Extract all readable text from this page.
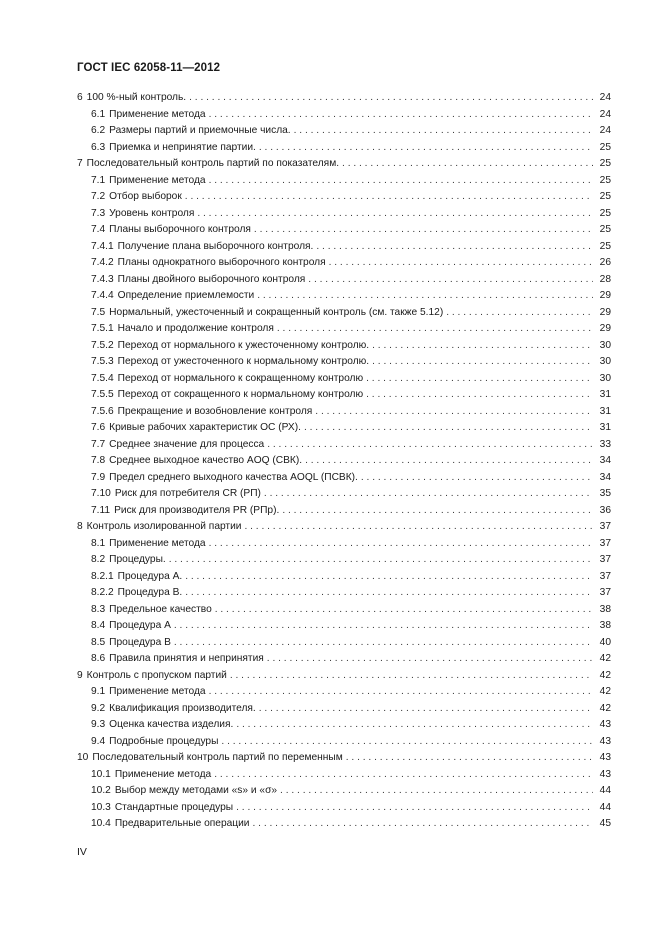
ГОСТ IEC 62058-11—2012
6 100 %-ный контроль. . . .	24
6.1 Применение метода . . .	24
6.2 Размеры партий и приемочные числа. . . .	24
6.3 Приемка и непринятие партии. . . .	25
7 Последовательный контроль партий по показателям. . . .	25
7.1 Применение метода . . .	25
7.2 Отбор выборок . . .	25
7.3 Уровень контроля . . .	25
7.4 Планы выборочного контроля . . .	25
7.4.1 Получение плана выборочного контроля. . . .	25
7.4.2 Планы однократного выборочного контроля . . .	26
7.4.3 Планы двойного выборочного контроля . . .	28
7.4.4 Определение приемлемости . . .	29
7.5 Нормальный, ужесточенный и сокращенный контроль (см. также 5.12) . . .	29
7.5.1 Начало и продолжение контроля . . .	29
7.5.2 Переход от нормального к ужесточенному контролю. . . .	30
7.5.3 Переход от ужесточенного к нормальному контролю. . . .	30
7.5.4 Переход от нормального к сокращенному контролю . . .	30
7.5.5 Переход от сокращенного к нормальному контролю . . .	31
7.5.6 Прекращение и возобновление контроля . . .	31
7.6 Кривые рабочих характеристик ОС (РХ). . . .	31
7.7 Среднее значение для процесса . . .	33
7.8 Среднее выходное качество AOQ (СВК). . . .	34
7.9 Предел среднего выходного качества AOQL (ПСВК). . . .	34
7.10 Риск для потребителя CR (РП) . . .	35
7.11 Риск для производителя PR (РПр). . . .	36
8 Контроль изолированной партии . . .	37
8.1 Применение метода . . .	37
8.2 Процедуры. . . .	37
8.2.1 Процедура A. . . .	37
8.2.2 Процедура B. . . .	37
8.3 Предельное качество . . .	38
8.4 Процедура A . . .	38
8.5 Процедура B . . .	40
8.6 Правила принятия и непринятия . . .	42
9 Контроль с пропуском партий . . .	42
9.1 Применение метода . . .	42
9.2 Квалификация производителя. . . .	42
9.3 Оценка качества изделия. . . .	43
9.4 Подробные процедуры . . .	43
10 Последовательный контроль партий по переменным . . .	43
10.1 Применение метода . . .	43
10.2 Выбор между методами «s» и «σ» . . .	44
10.3 Стандартные процедуры . . .	44
10.4 Предварительные операции . . .	45
IV
